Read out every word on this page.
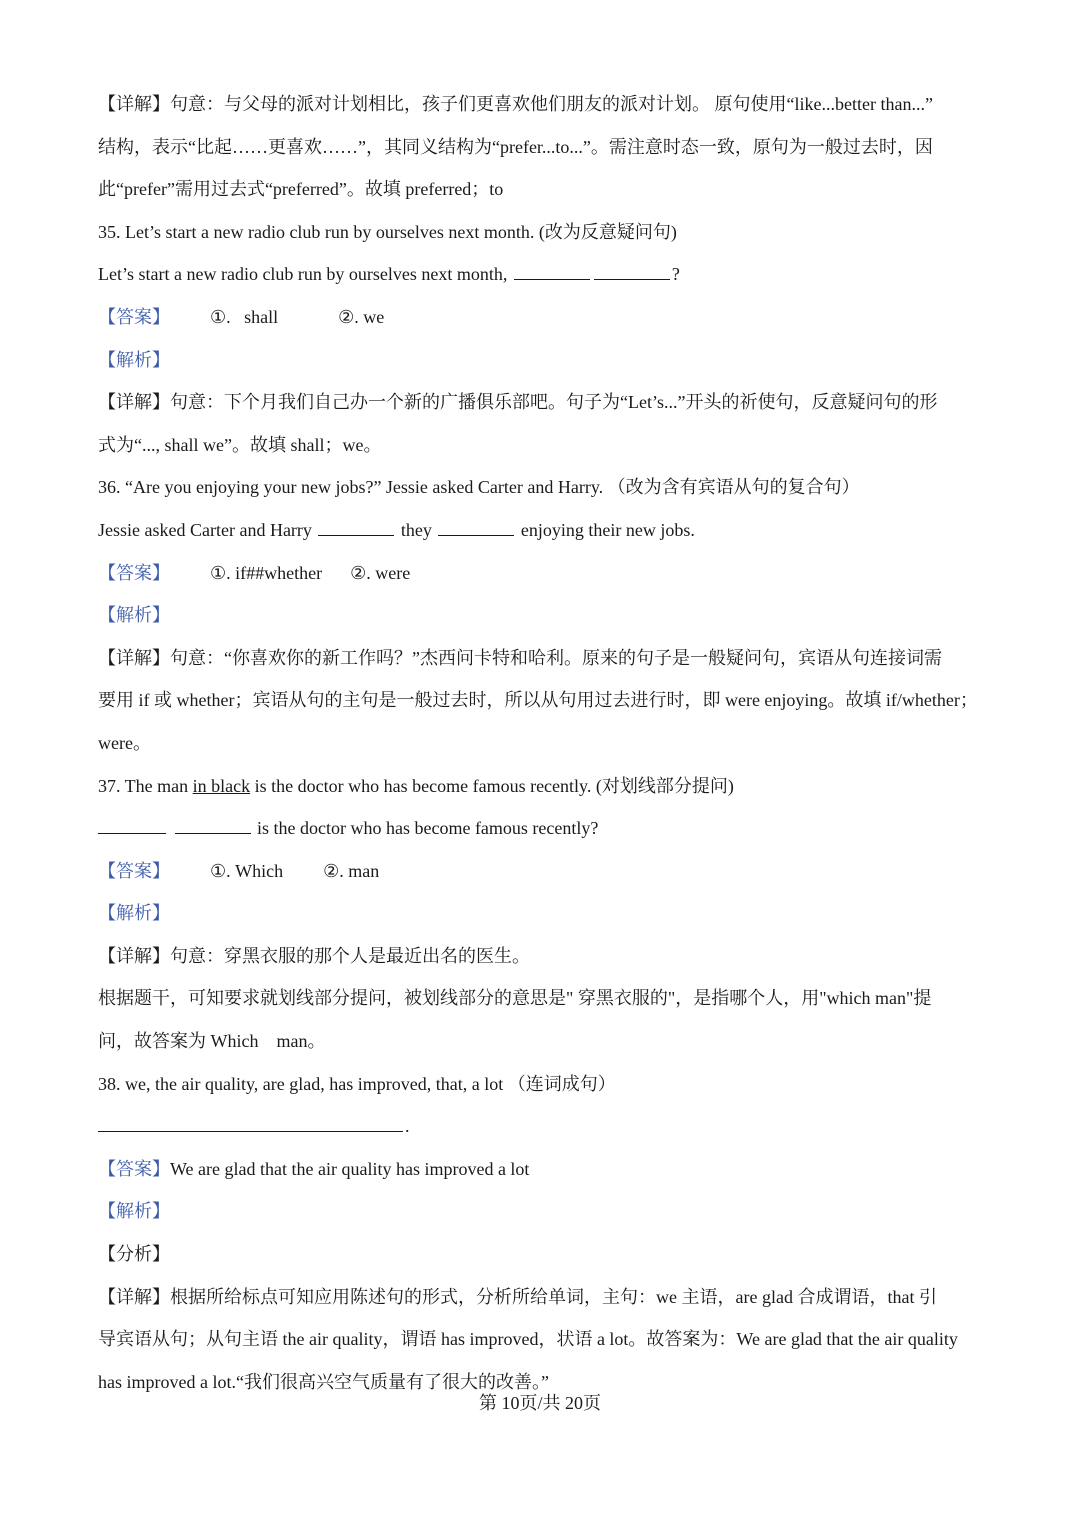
【详解】句意：与父母的派对计划相比，孩子们更喜欢他们朋友的派对计划。 原句使用“like...better than...”
结构，表示“比起……更喜欢……”，其同义结构为“prefer...to...”。需注意时态一致，原句为一般过去时，因
此“prefer”需用过去式“preferred”。故填 preferred；to
35. Let’s start a new radio club run by ourselves next month. (改为反意疑问句)
Let’s start a new radio club run by ourselves next month,	?
【答案】 ①.   shall	②. we
【解析】
【详解】句意：下个月我们自己办一个新的广播俱乐部吧。句子为“Let’s...”开头的祈使句，反意疑问句的形
式为“..., shall we”。故填 shall；we。
36. “Are you enjoying your new jobs?” Jessie asked Carter and Harry. （改为含有宾语从句的复合句）
Jessie asked Carter and Harry	they	enjoying their new jobs.
【答案】 ①. if##whether ②. were
【解析】
【详解】句意：“你喜欢你的新工作吗？”杰西问卡特和哈利。原来的句子是一般疑问句，宾语从句连接词需
要用 if 或 whether；宾语从句的主句是一般过去时，所以从句用过去进行时，即 were enjoying。故填 if/whether；
were。
37. The man in black is the doctor who has become famous recently. (对划线部分提问)
is the doctor who has become famous recently?
【答案】 ①. Which ②. man
【解析】
【详解】句意：穿黑衣服的那个人是最近出名的医生。
根据题干，可知要求就划线部分提问，被划线部分的意思是" 穿黑衣服的"，是指哪个人，用"which man"提
问，故答案为 Which    man。
38. we, the air quality, are glad, has improved, that, a lot （连词成句）
.
【答案】We are glad that the air quality has improved a lot
【解析】
【分析】
【详解】根据所给标点可知应用陈述句的形式，分析所给单词，主句：we 主语，are glad 合成谓语，that 引
导宾语从句；从句主语 the air quality，谓语 has improved，状语 a lot。故答案为：We are glad that the air quality
has improved a lot.“我们很高兴空气质量有了很大的改善。”
第 10页/共 20页
